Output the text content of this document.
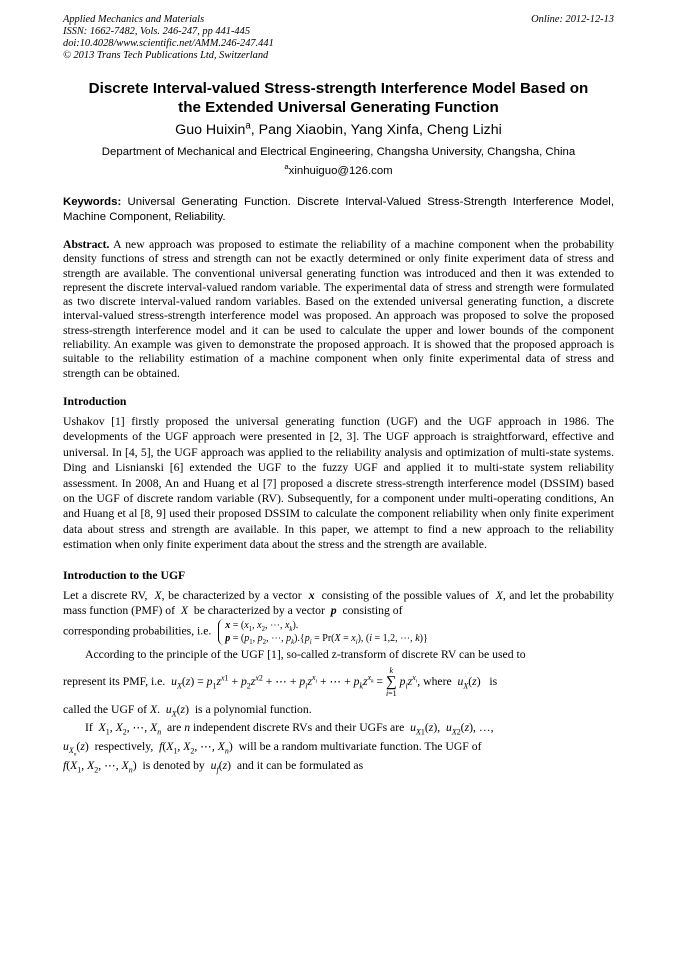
Applied Mechanics and Materials
ISSN: 1662-7482, Vols. 246-247, pp 441-445
doi:10.4028/www.scientific.net/AMM.246-247.441
© 2013 Trans Tech Publications Ltd, Switzerland
Online: 2012-12-13
Discrete Interval-valued Stress-strength Interference Model Based on
the Extended Universal Generating Function
Guo Huixin$^a$, Pang Xiaobin, Yang Xinfa, Cheng Lizhi
Department of Mechanical and Electrical Engineering, Changsha University, Changsha, China
$^a$xinhuiguo@126.com
Keywords: Universal Generating Function. Discrete Interval-Valued Stress-Strength Interference Model, Machine Component, Reliability.

Abstract. A new approach was proposed to estimate the reliability of a machine component when the probability density functions of stress and strength can not be exactly determined or only finite experiment data of stress and strength are available. The conventional universal generating function was introduced and then it was extended to represent the discrete interval-valued random variable. The experimental data of stress and strength were formulated as two discrete interval-valued random variables. Based on the extended universal generating function, a discrete interval-valued stress-strength interference model was proposed. An approach was proposed to solve the proposed stress-strength interference model and it can be used to calculate the upper and lower bounds of the component reliability. An example was given to demonstrate the proposed approach. It is showed that the proposed approach is suitable to the reliability estimation of a machine component when only finite experimental data of stress and strength can be obtained.

Introduction

Ushakov [1] firstly proposed the universal generating function (UGF) and the UGF approach in 1986. The developments of the UGF approach were presented in [2, 3]. The UGF approach is straightforward, effective and universal. In [4, 5], the UGF approach was applied to the reliability analysis and optimization of multi-state systems. Ding and Lisnianski [6] extended the UGF to the fuzzy UGF and applied it to multi-state system reliability assessment. In 2008, An and Huang et al [7] proposed a discrete stress-strength interference model (DSSIM) based on the UGF of discrete random variable (RV). Subsequently, for a component under multi-operating conditions, An and Huang et al [8, 9] used their proposed DSSIM to calculate the component reliability when only finite experiment data about stress and strength are available. In this paper, we attempt to find a new approach to the reliability estimation when only finite experiment data about the stress and the strength are available.

Introduction to the UGF

Let a discrete RV, X, be characterized by a vector x consisting of the possible values of X, and let the probability mass function (PMF) of X be characterized by a vector p consisting of

corresponding probabilities, i.e. $x = (x_1$, $x_2$, ⋯, $x_k$).
$p = (p_1$, $p_2$, ⋯, $p_k).\{p_i = Pr(X = x_i)$, (i = 1,2, ⋯, k)}

According to the principle of the UGF [1], so-called z-transform of discrete RV can be used to

represent its PMF, i.e. $u_X(z) = p_1z^{x1} + p_2z^{x2}$ + ⋯ + $p_iz^{x_i}$ + ⋯ + $p_kz^{x_k} = k$
∑
i=1 $p_iz^{x_i}$, where $u_X(z)$   is

called the UGF of X. $u_X(z)$  is a polynomial function.

If $X_1$, $X_2$, ⋯, $X_n$ are n independent discrete RVs and their UGFs are $u_{X1}(z)$,  $u_{X2}(z)$, …,

$u_{X_n}(z)$  respectively, $f(X_1$, $X_2$, ⋯, $X_n$)  will be a random multivariate function. The UGF of

$f(X_1$, $X_2$, ⋯, $X_n$)  is denoted by $u_f(z)$  and it can be formulated as
